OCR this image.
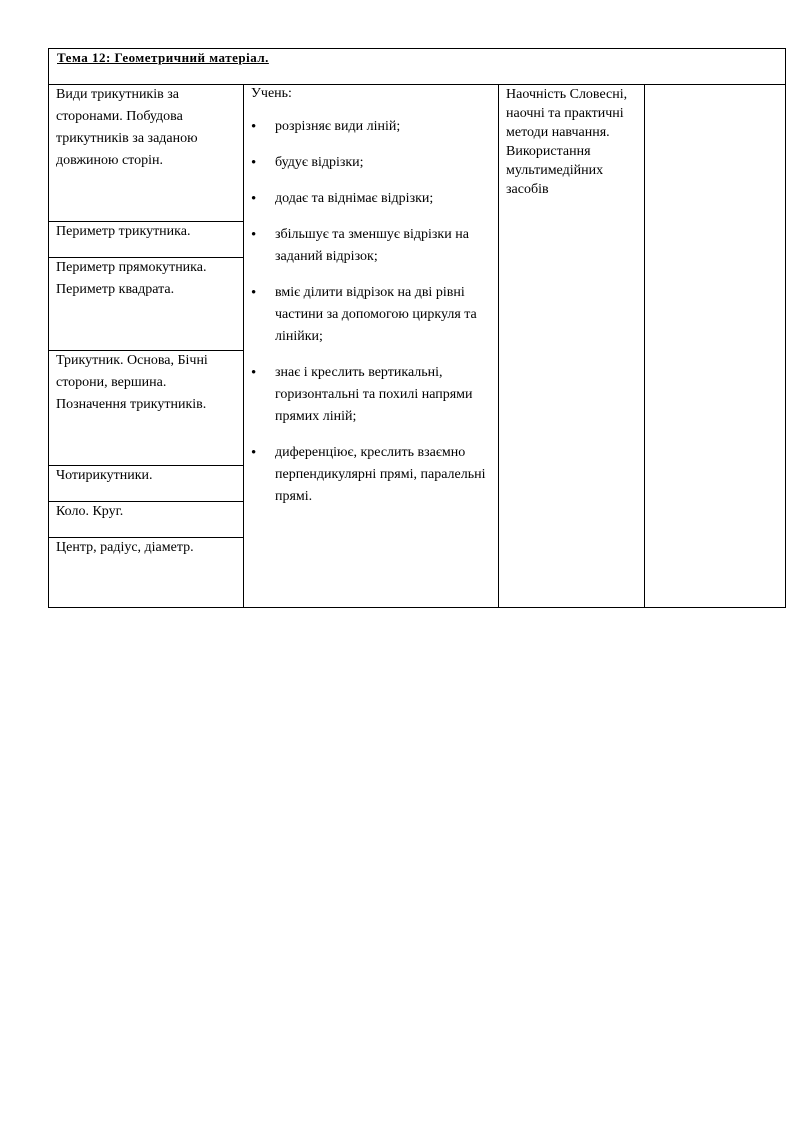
Тема 12: Геометричний матеріал.
Види трикутників за сторонами. Побудова трикутників за заданою довжиною сторін.
Периметр трикутника.
Периметр прямокутника. Периметр квадрата.
Трикутник. Основа, Бічні сторони, вершина. Позначення трикутників.
Чотирикутники.
Коло. Круг.
Центр, радіус, діаметр.
Учень:
• розрізняє види ліній;
• будує відрізки;
• додає та віднімає відрізки;
• збільшує та зменшує відрізки на заданий відрізок;
• вміє ділити відрізок на дві рівні частини за допомогою циркуля та лінійки;
• знає і креслить вертикальні, горизонтальні та похилі напрями прямих ліній;
• диференціює, креслить взаємно перпендикулярні прямі, паралельні прямі.
Наочність Словесні, наочні та практичні методи навчання. Використання мультимедійних засобів
